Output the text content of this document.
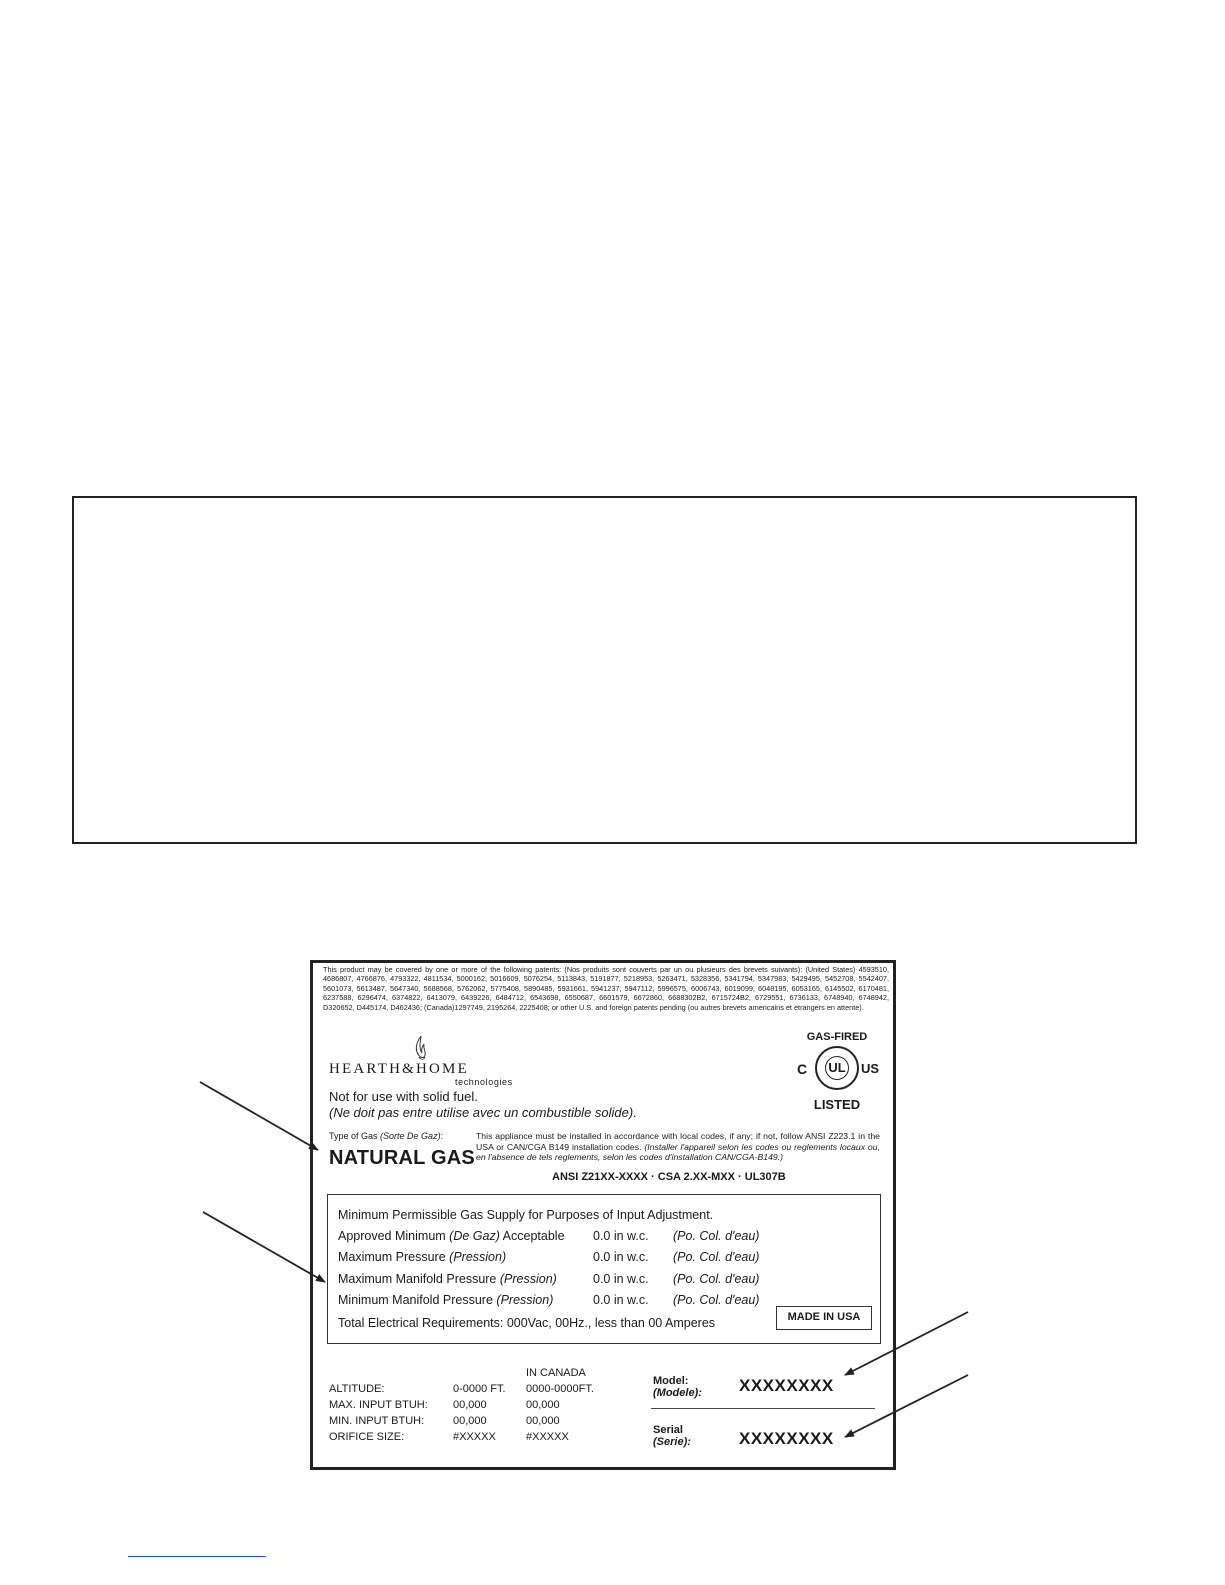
This product may be covered by one or more of the following patents: (Nos produits sont couverts par un ou plusieurs des brevets suivants): (United States) 4593510, 4686807, 4766876, 4793322, 4811534, 5000162, 5016609, 5076254, 5113843, 5191877, 5218953, 5263471, 5328356, 5341794, 5347983, 5429495, 5452708, 5542407, 5601073, 5613487, 5647340, 5688568, 5762062, 5775408, 5890485, 5931661, 5941237, 5947112, 5996575, 6006743, 6019099, 6048195, 6053165, 6145502, 6170481, 6237588, 6296474, 6374822, 6413079, 6439226, 6484712, 6543698, 6550687, 6601579, 6672860, 6688302B2, 6715724B2, 6729551, 6736133, 6748940, 6748942, D320652, D445174, D462436; (Canada)1297749, 2195264, 2225408; or other U.S. and foreign patents pending (ou autres brevets americains et etrangers en attente).

HEARTH&HOME
technologies
GAS-FIRED
C UL US
LISTED
Not for use with solid fuel.
(Ne doit pas entre utilise avec un combustible solide).
Type of Gas (Sorte De Gaz):
NATURAL GAS

This appliance must be installed in accordance with local codes, if any; if not, follow ANSI Z223.1 in the USA or CAN/CGA B149 installation codes. (Installer l'appareil selon les codes ou reglements locaux ou, en l'absence de tels reglements, selon les codes d'installation CAN/CGA-B149.)

ANSI Z21XX-XXXX · CSA 2.XX-MXX · UL307B
Minimum Permissible Gas Supply for Purposes of Input Adjustment.
Approved Minimum (De Gaz) Acceptable 0.0 in w.c. (Po. Col. d'eau)
Maximum Pressure (Pression)	0.0 in w.c. (Po. Col. d'eau)
Maximum Manifold Pressure (Pression)	0.0 in w.c. (Po. Col. d'eau)
Minimum Manifold Pressure (Pression)	0.0 in w.c. (Po. Col. d'eau)
Total Electrical Requirements: 000Vac, 00Hz., less than 00 Amperes	MADE IN USA
		IN CANADA
ALTITUDE:	0-0000 FT.	0000-0000FT.
MAX. INPUT BTUH:	00,000	00,000
MIN. INPUT BTUH:	00,000	00,000
ORIFICE SIZE:	#XXXXX	#XXXXX
Model:
(Modele): XXXXXXXX
Serial
(Serie):	XXXXXXXX
